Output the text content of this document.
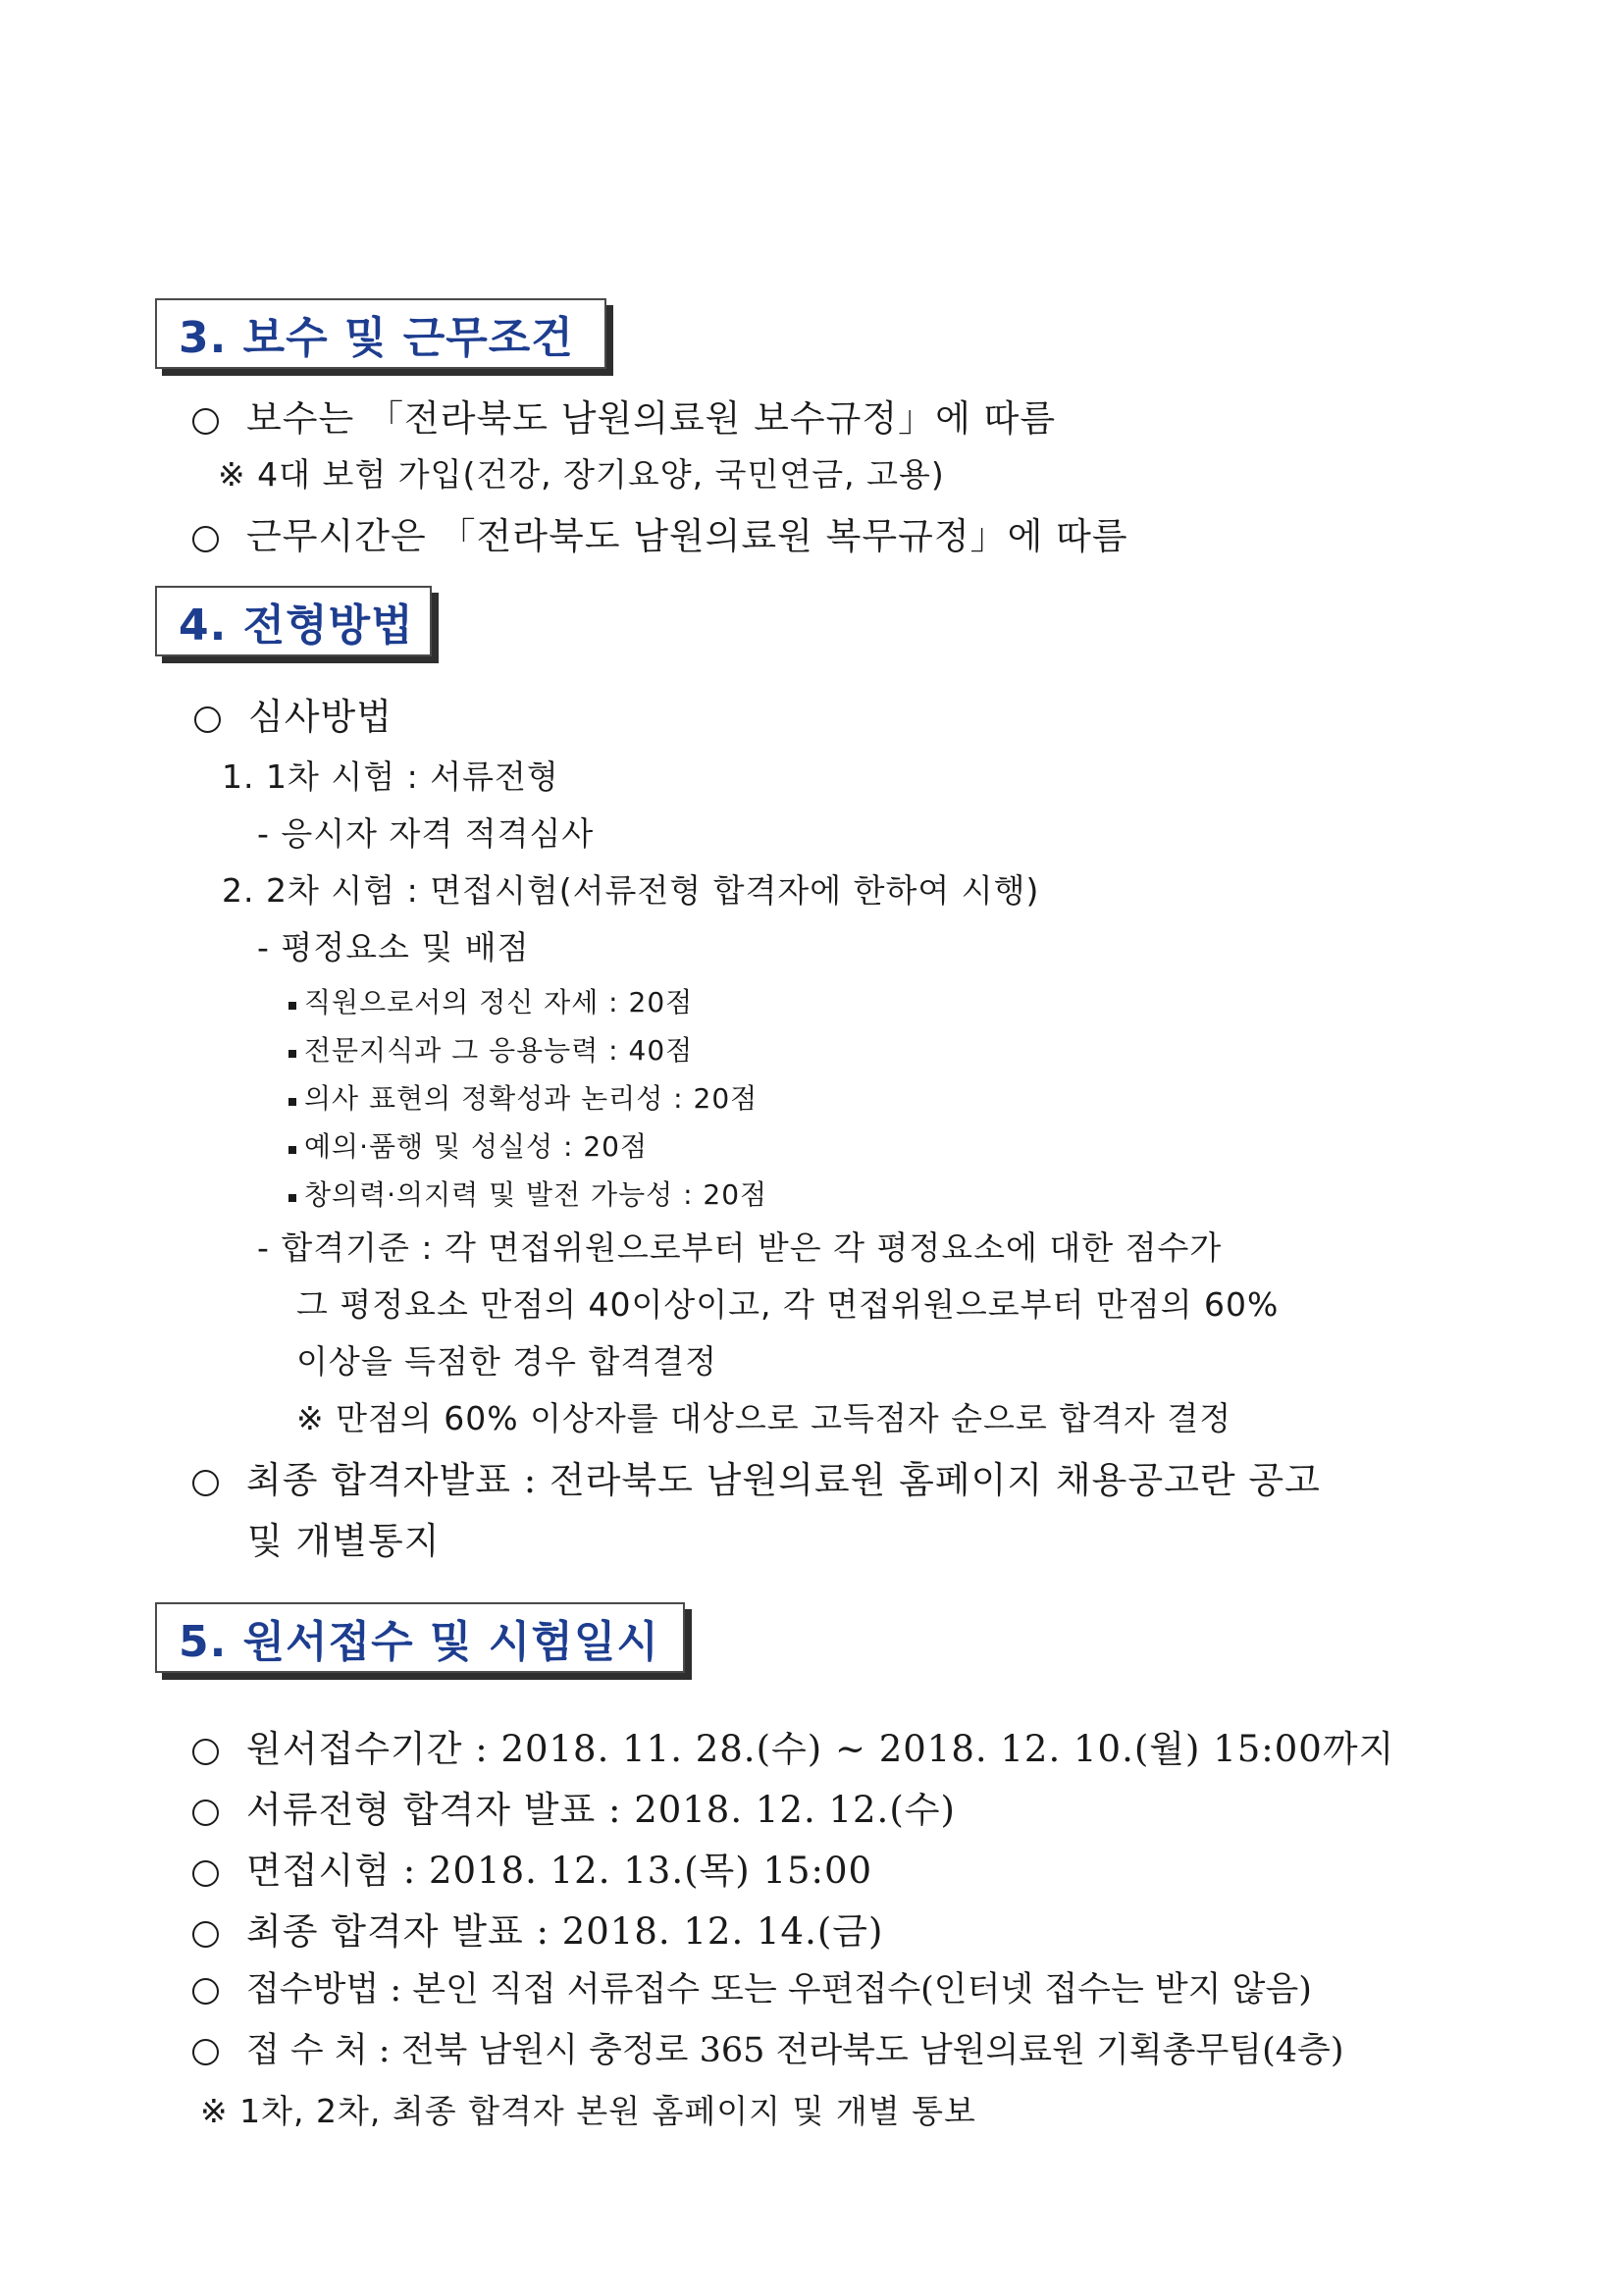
3. 보수 및 근무조건
보수는 「전라북도 남원의료원 보수규정」에 따름
※ 4대 보험 가입(건강, 장기요양, 국민연금, 고용)
근무시간은 「전라북도 남원의료원 복무규정」에 따름
4. 전형방법
심사방법
1. 1차 시험 : 서류전형
- 응시자 자격 적격심사
2. 2차 시험 : 면접시험(서류전형 합격자에 한하여 시행)
- 평정요소 및 배점
직원으로서의 정신 자세 : 20점
전문지식과 그 응용능력 : 40점
의사 표현의 정확성과 논리성 : 20점
예의·품행 및 성실성 : 20점
창의력·의지력 및 발전 가능성 : 20점
- 합격기준 : 각 면접위원으로부터 받은 각 평정요소에 대한 점수가
그 평정요소 만점의 40이상이고, 각 면접위원으로부터 만점의 60%
이상을 득점한 경우 합격결정
※ 만점의 60% 이상자를 대상으로 고득점자 순으로 합격자 결정
최종 합격자발표 : 전라북도 남원의료원 홈페이지 채용공고란 공고
및 개별통지
5. 원서접수 및 시험일시
원서접수기간 : 2018. 11. 28.(수) ~ 2018. 12. 10.(월) 15:00까지
서류전형 합격자 발표 : 2018. 12. 12.(수)
면접시험 : 2018. 12. 13.(목) 15:00
최종 합격자 발표 : 2018. 12. 14.(금)
접수방법 : 본인 직접 서류접수 또는 우편접수(인터넷 접수는 받지 않음)
접 수 처 : 전북 남원시 충정로 365 전라북도 남원의료원 기획총무팀(4층)
※ 1차, 2차, 최종 합격자 본원 홈페이지 및 개별 통보
